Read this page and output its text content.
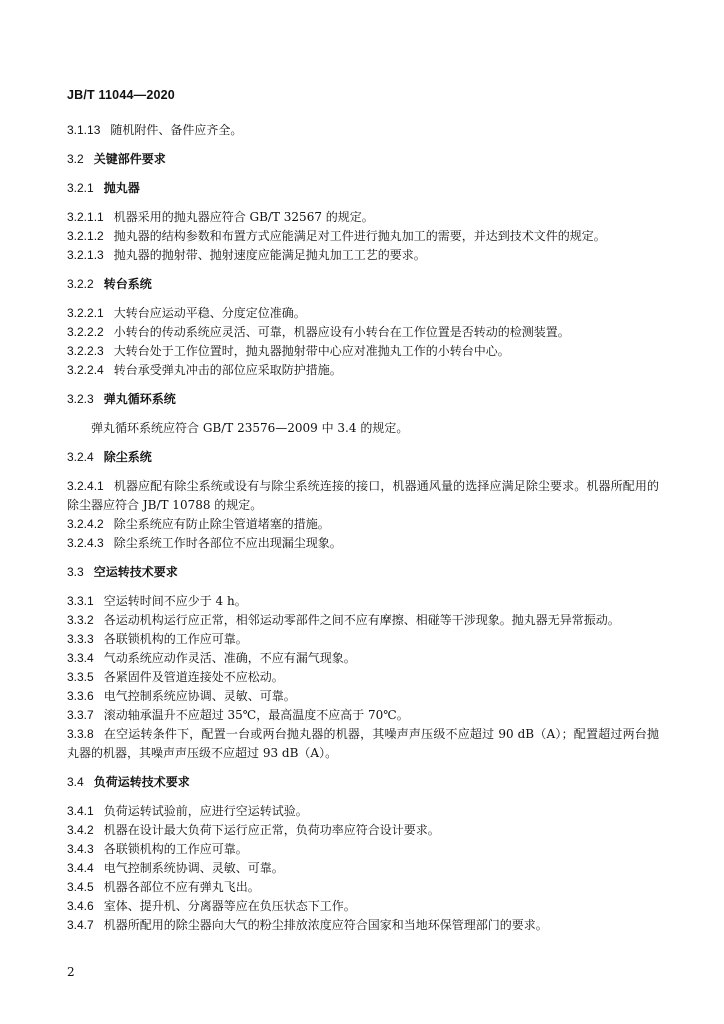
JB/T 11044—2020

3.1.13 随机附件、备件应齐全。

3.2 关键部件要求

3.2.1 抛丸器

3.2.1.1 机器采用的抛丸器应符合 GB/T 32567 的规定。

3.2.1.2 抛丸器的结构参数和布置方式应能满足对工件进行抛丸加工的需要，并达到技术文件的规定。

3.2.1.3 抛丸器的抛射带、抛射速度应能满足抛丸加工工艺的要求。

3.2.2 转台系统

3.2.2.1 大转台应运动平稳、分度定位准确。

3.2.2.2 小转台的传动系统应灵活、可靠，机器应设有小转台在工作位置是否转动的检测装置。

3.2.2.3 大转台处于工作位置时，抛丸器抛射带中心应对准抛丸工作的小转台中心。

3.2.2.4 转台承受弹丸冲击的部位应采取防护措施。

3.2.3 弹丸循环系统

弹丸循环系统应符合 GB/T 23576—2009 中 3.4 的规定。

3.2.4 除尘系统

3.2.4.1 机器应配有除尘系统或设有与除尘系统连接的接口，机器通风量的选择应满足除尘要求。机器所配用的除尘器应符合 JB/T 10788 的规定。

3.2.4.2 除尘系统应有防止除尘管道堵塞的措施。

3.2.4.3 除尘系统工作时各部位不应出现漏尘现象。

3.3 空运转技术要求

3.3.1 空运转时间不应少于 4 h。

3.3.2 各运动机构运行应正常，相邻运动零部件之间不应有摩擦、相碰等干涉现象。抛丸器无异常振动。

3.3.3 各联锁机构的工作应可靠。

3.3.4 气动系统应动作灵活、准确，不应有漏气现象。

3.3.5 各紧固件及管道连接处不应松动。

3.3.6 电气控制系统应协调、灵敏、可靠。

3.3.7 滚动轴承温升不应超过 35℃，最高温度不应高于 70℃。

3.3.8 在空运转条件下，配置一台或两台抛丸器的机器，其噪声声压级不应超过 90 dB（A）；配置超过两台抛丸器的机器，其噪声声压级不应超过 93 dB（A）。

3.4 负荷运转技术要求

3.4.1 负荷运转试验前，应进行空运转试验。

3.4.2 机器在设计最大负荷下运行应正常，负荷功率应符合设计要求。

3.4.3 各联锁机构的工作应可靠。

3.4.4 电气控制系统协调、灵敏、可靠。

3.4.5 机器各部位不应有弹丸飞出。

3.4.6 室体、提升机、分离器等应在负压状态下工作。

3.4.7 机器所配用的除尘器向大气的粉尘排放浓度应符合国家和当地环保管理部门的要求。

2
